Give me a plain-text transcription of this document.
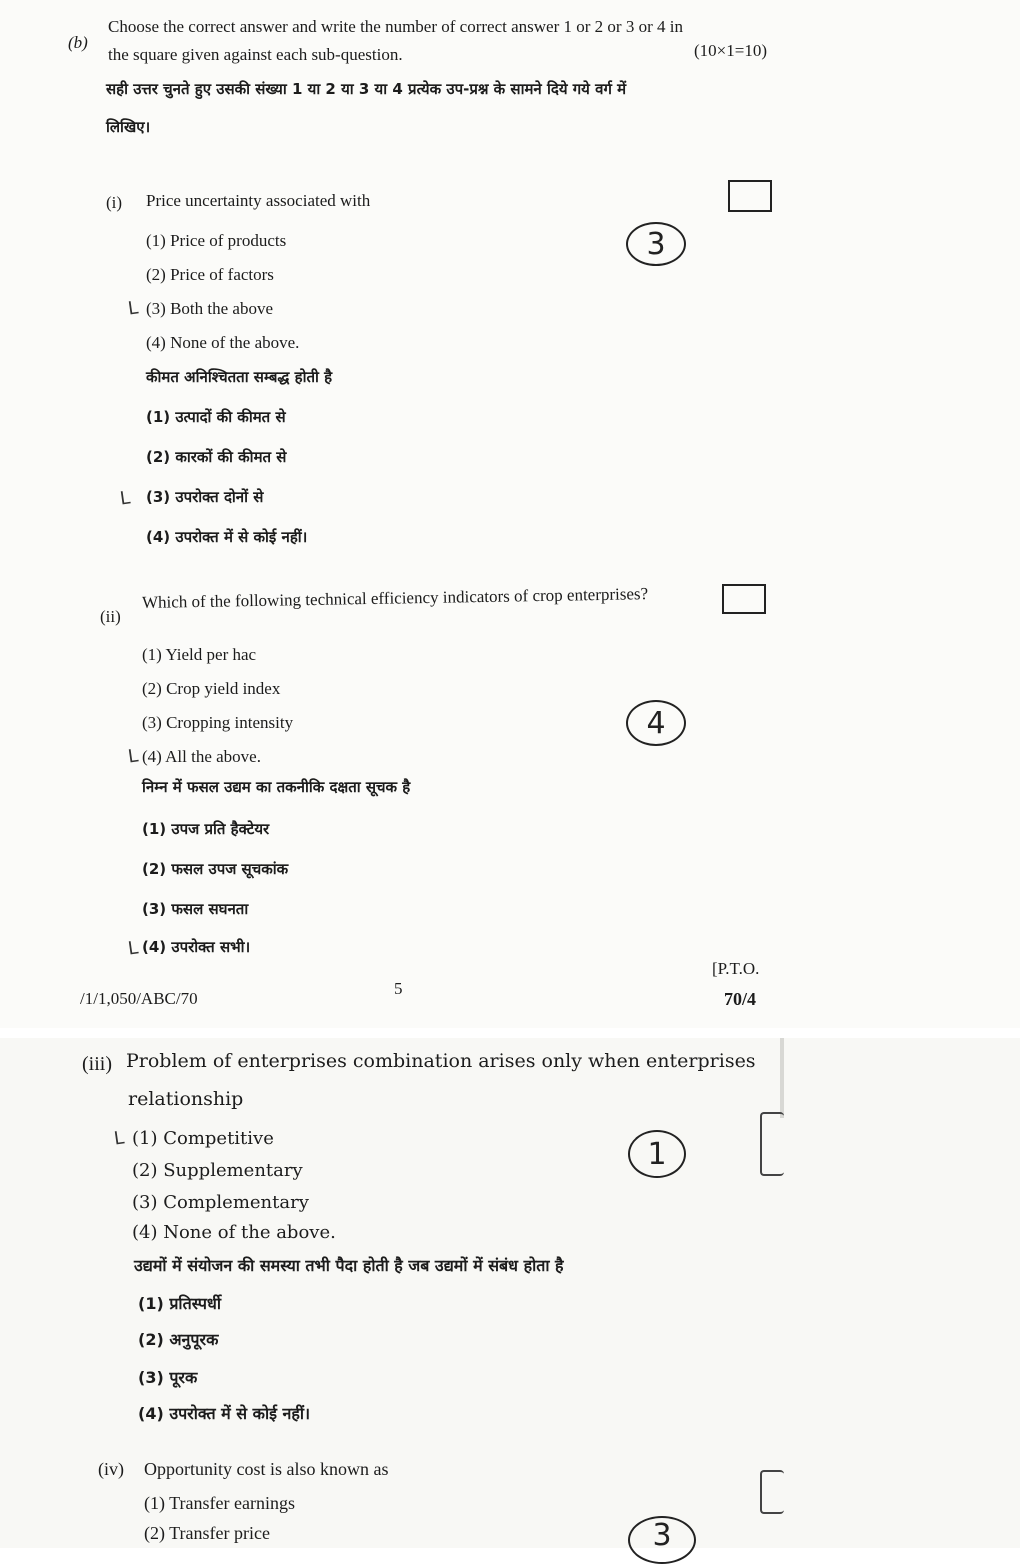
(b)
Choose the correct answer and write the number of correct answer 1 or 2 or 3 or 4 in
the square given against each sub-question.	(10×1=10)
सही उत्तर चुनते हुए उसकी संख्या 1 या 2 या 3 या 4 प्रत्येक उप-प्रश्न के सामने दिये गये वर्ग में
लिखिए।
(i) Price uncertainty associated with
3
(1) Price of products
(2) Price of factors
L (3) Both the above
(4) None of the above.
कीमत अनिश्चितता सम्बद्ध होती है
(1) उत्पादों की कीमत से
(2) कारकों की कीमत से
L (3) उपरोक्त दोनों से
(4) उपरोक्त में से कोई नहीं।
(ii)
Which of the following technical efficiency indicators of crop enterprises?
4
(1) Yield per hac
(2) Crop yield index
(3) Cropping intensity
L (4) All the above.
निम्न में फसल उद्यम का तकनीकि दक्षता सूचक है
(1) उपज प्रति हैक्टेयर
(2) फसल उपज सूचकांक
(3) फसल सघनता
L (4) उपरोक्त सभी।
[P.T.O.
/1/1,050/ABC/70
5
70/4
(iii) Problem of enterprises combination arises only when enterprises
relationship
1
L (1) Competitive
(2) Supplementary
(3) Complementary
(4) None of the above.
उद्यमों में संयोजन की समस्या तभी पैदा होती है जब उद्यमों में संबंध होता है
(1) प्रतिस्पर्धी
(2) अनुपूरक
(3) पूरक
(4) उपरोक्त में से कोई नहीं।
(iv) Opportunity cost is also known as
(1) Transfer earnings
(2) Transfer price	3
